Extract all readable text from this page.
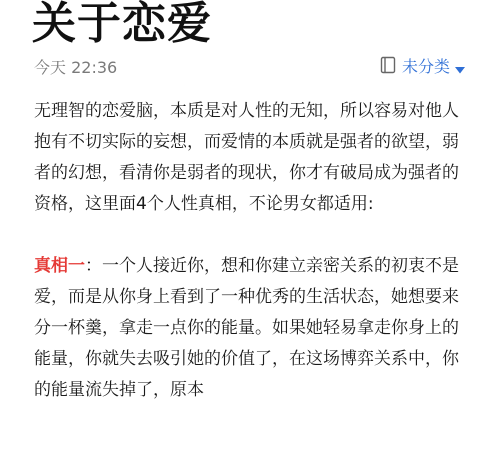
关于恋爱
今天 22:36	未分类

无理智的恋爱脑，本质是对人性的无知，所以容易对他人抱有不切实际的妄想，而爱情的本质就是强者的欲望，弱者的幻想，看清你是弱者的现状，你才有破局成为强者的资格，这里面4个人性真相，不论男女都适用:

真相一：一个人接近你，想和你建立亲密关系的初衷不是爱，而是从你身上看到了一种优秀的生活状态，她想要来分一杯羹，拿走一点你的能量。如果她轻易拿走你身上的能量，你就失去吸引她的价值了，在这场博弈关系中，你的能量流失掉了，原本
